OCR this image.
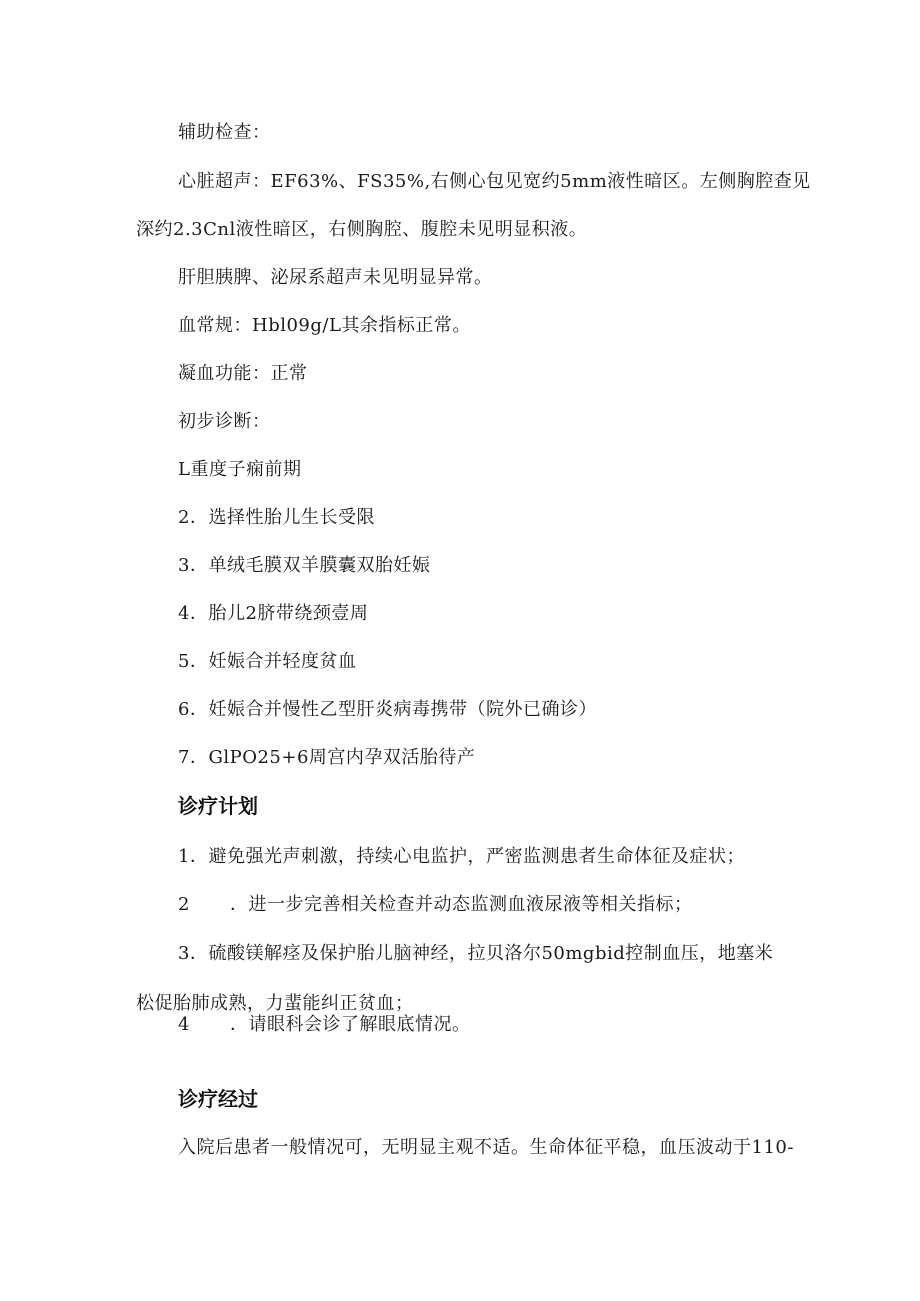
辅助检查：
心脏超声：EF63%、FS35%,右侧心包见宽约5mm液性暗区。左侧胸腔查见
深约2.3Cnl液性暗区，右侧胸腔、腹腔未见明显积液。
肝胆胰脾、泌尿系超声未见明显异常。
血常规：Hbl09g/L其余指标正常。
凝血功能：正常
初步诊断：
L重度子痫前期
2．选择性胎儿生长受限
3．单绒毛膜双羊膜囊双胎妊娠
4．胎儿2脐带绕颈壹周
5．妊娠合并轻度贫血
6．妊娠合并慢性乙型肝炎病毒携带（院外已确诊）
7．GlPO25+6周宫内孕双活胎待产
诊疗计划
1．避免强光声刺激，持续心电监护，严密监测患者生命体征及症状；
2 ．进一步完善相关检查并动态监测血液尿液等相关指标；
3．硫酸镁解痉及保护胎儿脑神经，拉贝洛尔50mgbid控制血压，地塞米
松促胎肺成熟，力蜚能纠正贫血；
4 ．请眼科会诊了解眼底情况。
诊疗经过
入院后患者一般情况可，无明显主观不适。生命体征平稳，血压波动于110-
